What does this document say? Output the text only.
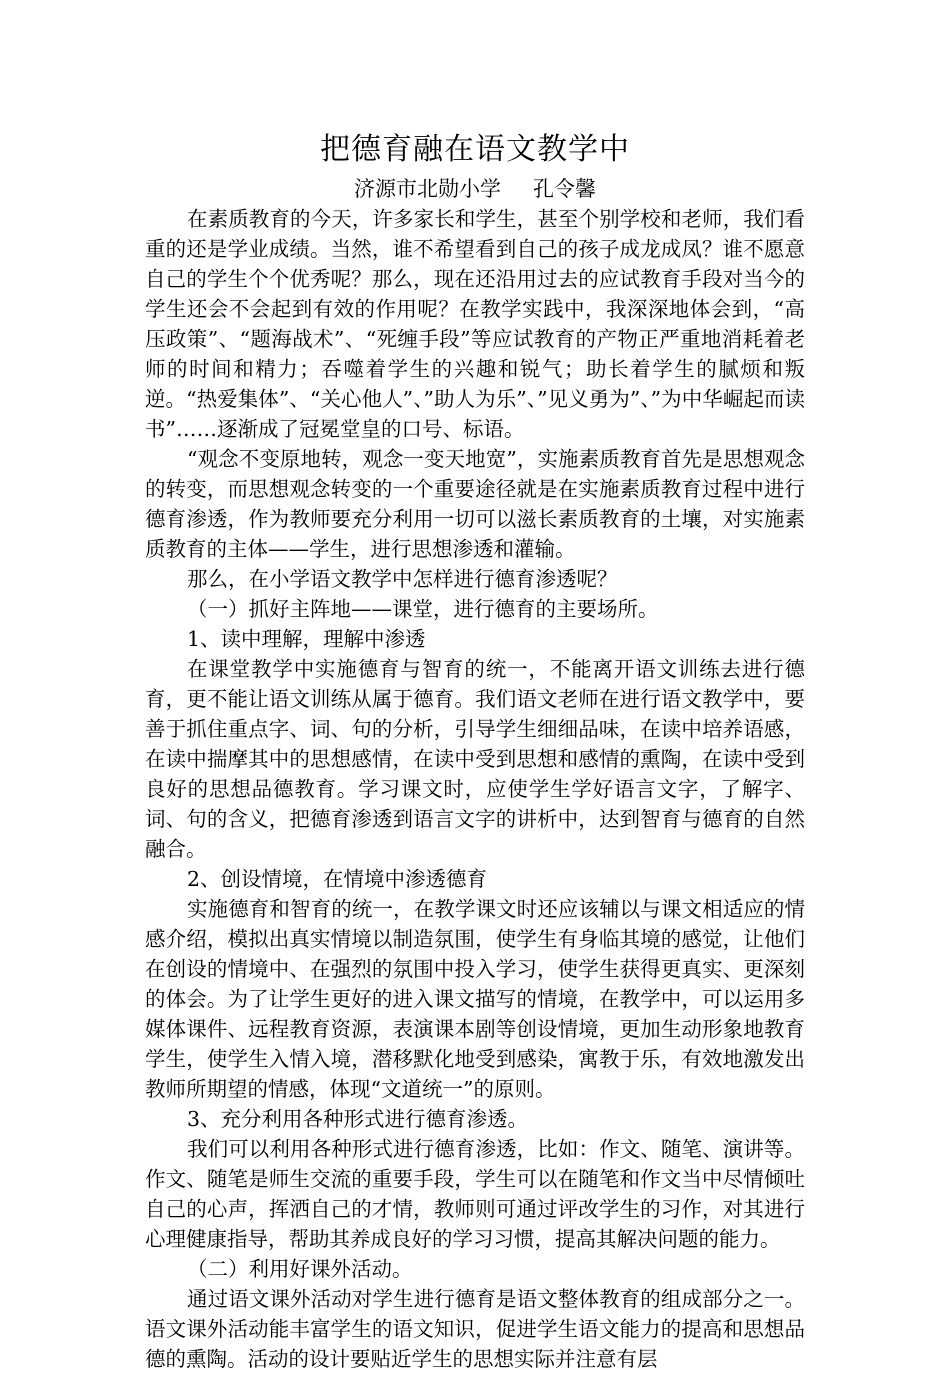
把德育融在语文教学中
济源市北勋小学 孔令馨

在素质教育的今天，许多家长和学生，甚至个别学校和老师，我们看重的还是学业成绩。当然，谁不希望看到自己的孩子成龙成凤？谁不愿意自己的学生个个优秀呢？那么，现在还沿用过去的应试教育手段对当今的学生还会不会起到有效的作用呢？在教学实践中，我深深地体会到，“高压政策”、“题海战术”、“死缠手段”等应试教育的产物正严重地消耗着老师的时间和精力；吞噬着学生的兴趣和锐气；助长着学生的腻烦和叛逆。“热爱集体”、“关心他人”、”助人为乐”、”见义勇为”、”为中华崛起而读书”……逐渐成了冠冕堂皇的口号、标语。

“观念不变原地转，观念一变天地宽”，实施素质教育首先是思想观念的转变，而思想观念转变的一个重要途径就是在实施素质教育过程中进行德育渗透，作为教师要充分利用一切可以滋长素质教育的土壤，对实施素质教育的主体——学生，进行思想渗透和灌输。

那么，在小学语文教学中怎样进行德育渗透呢？

（一）抓好主阵地——课堂，进行德育的主要场所。

1、读中理解，理解中渗透

在课堂教学中实施德育与智育的统一，不能离开语文训练去进行德育，更不能让语文训练从属于德育。我们语文老师在进行语文教学中，要善于抓住重点字、词、句的分析，引导学生细细品味，在读中培养语感，在读中揣摩其中的思想感情，在读中受到思想和感情的熏陶，在读中受到良好的思想品德教育。学习课文时，应使学生学好语言文字，了解字、词、句的含义，把德育渗透到语言文字的讲析中，达到智育与德育的自然融合。

2、创设情境，在情境中渗透德育

实施德育和智育的统一，在教学课文时还应该辅以与课文相适应的情感介绍，模拟出真实情境以制造氛围，使学生有身临其境的感觉，让他们在创设的情境中、在强烈的氛围中投入学习，使学生获得更真实、更深刻的体会。为了让学生更好的进入课文描写的情境，在教学中，可以运用多媒体课件、远程教育资源，表演课本剧等创设情境，更加生动形象地教育学生，使学生入情入境，潜移默化地受到感染，寓教于乐，有效地激发出教师所期望的情感，体现“文道统一”的原则。

3、充分利用各种形式进行德育渗透。

我们可以利用各种形式进行德育渗透，比如：作文、随笔、演讲等。作文、随笔是师生交流的重要手段，学生可以在随笔和作文当中尽情倾吐自己的心声，挥洒自己的才情，教师则可通过评改学生的习作，对其进行心理健康指导，帮助其养成良好的学习习惯，提高其解决问题的能力。

（二）利用好课外活动。

通过语文课外活动对学生进行德育是语文整体教育的组成部分之一。语文课外活动能丰富学生的语文知识，促进学生语文能力的提高和思想品德的熏陶。活动的设计要贴近学生的思想实际并注意有层
